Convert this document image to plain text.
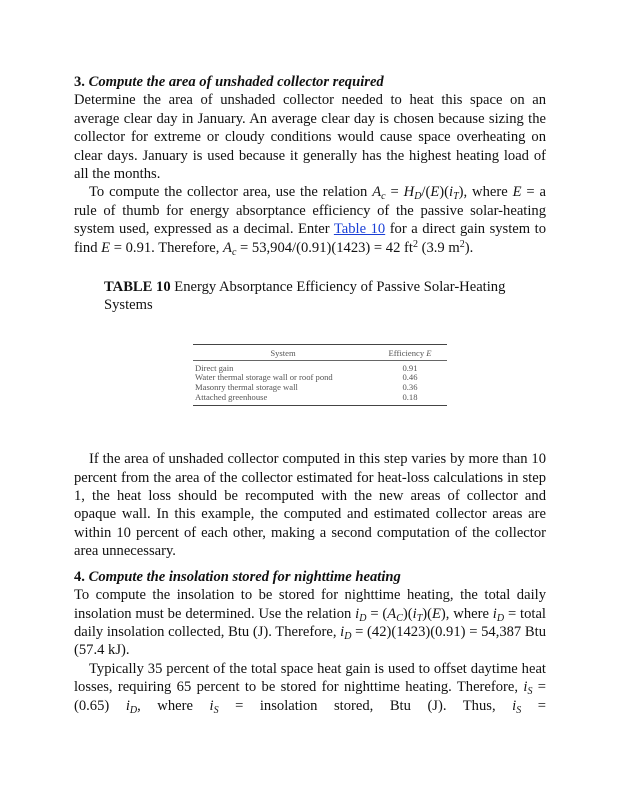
3. Compute the area of unshaded collector required
Determine the area of unshaded collector needed to heat this space on an average clear day in January. An average clear day is chosen because sizing the collector for extreme or cloudy conditions would cause space overheating on clear days. January is used because it generally has the highest heating load of all the months.
To compute the collector area, use the relation $A_c = H_D/(E)(i_T)$, where E = a rule of thumb for energy absorptance efficiency of the passive solar-heating system used, expressed as a decimal. Enter Table 10 for a direct gain system to find E = 0.91. Therefore, $A_c = 53,904/(0.91)(1423) = 42$ $ft^2$ (3.9 $m^2$).
TABLE 10 Energy Absorptance Efficiency of Passive Solar-Heating Systems
System	Efficiency E
Direct gain	0.91
Water thermal storage wall or roof pond	0.46
Masonry thermal storage wall	0.36
Attached greenhouse	0.18
If the area of unshaded collector computed in this step varies by more than 10 percent from the area of the collector estimated for heat-loss calculations in step 1, the heat loss should be recomputed with the new areas of collector and opaque wall. In this example, the computed and estimated collector areas are within 10 percent of each other, making a second computation of the collector area unnecessary.
4. Compute the insolation stored for nighttime heating
To compute the insolation to be stored for nighttime heating, the total daily insolation must be determined. Use the relation $i_D = (A_C)(i_T)(E)$, where $i_D$ = total daily insolation collected, Btu (J). Therefore, $i_D = (42)(1423)(0.91) = 54,387$ Btu (57.4 kJ).
Typically 35 percent of the total space heat gain is used to offset daytime heat losses, requiring 65 percent to be stored for nighttime heating. Therefore, $i_S = (0.65)$ $i_D$, where $i_S$ = insolation stored, Btu (J). Thus, $i_S$ =
